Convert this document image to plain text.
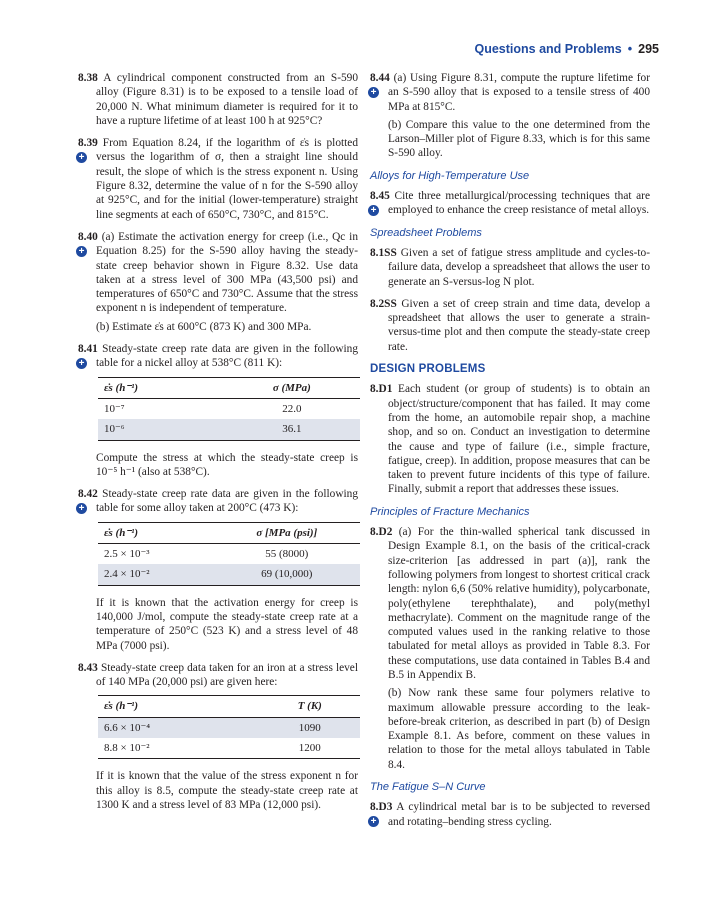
Questions and Problems • 295
8.38 A cylindrical component constructed from an S-590 alloy (Figure 8.31) is to be exposed to a tensile load of 20,000 N. What minimum diameter is required for it to have a rupture lifetime of at least 100 h at 925°C?
+
8.39 From Equation 8.24, if the logarithm of ε̇s is plotted versus the logarithm of σ, then a straight line should result, the slope of which is the stress exponent n. Using Figure 8.32, determine the value of n for the S-590 alloy at 925°C, and for the initial (lower-temperature) straight line segments at each of 650°C, 730°C, and 815°C.
+
8.40 (a) Estimate the activation energy for creep (i.e., Qc in Equation 8.25) for the S-590 alloy having the steady-state creep behavior shown in Figure 8.32. Use data taken at a stress level of 300 MPa (43,500 psi) and temperatures of 650°C and 730°C. Assume that the stress exponent n is independent of temperature.
(b) Estimate ε̇s at 600°C (873 K) and 300 MPa.
+
8.41 Steady-state creep rate data are given in the following table for a nickel alloy at 538°C (811 K):
ε̇s (h⁻¹)	σ (MPa)
10⁻⁷	22.0
10⁻⁶	36.1
Compute the stress at which the steady-state creep is 10⁻⁵ h⁻¹ (also at 538°C).
+
8.42 Steady-state creep rate data are given in the following table for some alloy taken at 200°C (473 K):
ε̇s (h⁻¹)	σ [MPa (psi)]
2.5 × 10⁻³	55 (8000)
2.4 × 10⁻²	69 (10,000)
If it is known that the activation energy for creep is 140,000 J/mol, compute the steady-state creep rate at a temperature of 250°C (523 K) and a stress level of 48 MPa (7000 psi).
8.43 Steady-state creep data taken for an iron at a stress level of 140 MPa (20,000 psi) are given here:
ε̇s (h⁻¹)	T (K)
6.6 × 10⁻⁴	1090
8.8 × 10⁻²	1200
If it is known that the value of the stress exponent n for this alloy is 8.5, compute the steady-state creep rate at 1300 K and a stress level of 83 MPa (12,000 psi).
+
8.44 (a) Using Figure 8.31, compute the rupture lifetime for an S-590 alloy that is exposed to a tensile stress of 400 MPa at 815°C.
(b) Compare this value to the one determined from the Larson–Miller plot of Figure 8.33, which is for this same S-590 alloy.
Alloys for High-Temperature Use
+
8.45 Cite three metallurgical/processing techniques that are employed to enhance the creep resistance of metal alloys.
Spreadsheet Problems
8.1SS Given a set of fatigue stress amplitude and cycles-to-failure data, develop a spreadsheet that allows the user to generate an S-versus-log N plot.
8.2SS Given a set of creep strain and time data, develop a spreadsheet that allows the user to generate a strain-versus-time plot and then compute the steady-state creep rate.
DESIGN PROBLEMS
8.D1 Each student (or group of students) is to obtain an object/structure/component that has failed. It may come from the home, an automobile repair shop, a machine shop, and so on. Conduct an investigation to determine the cause and type of failure (i.e., simple fracture, fatigue, creep). In addition, propose measures that can be taken to prevent future incidents of this type of failure. Finally, submit a report that addresses these issues.
Principles of Fracture Mechanics
8.D2 (a) For the thin-walled spherical tank discussed in Design Example 8.1, on the basis of the critical-crack size-criterion [as addressed in part (a)], rank the following polymers from longest to shortest critical crack length: nylon 6,6 (50% relative humidity), polycarbonate, poly(ethylene terephthalate), and poly(methyl methacrylate). Comment on the magnitude range of the computed values used in the ranking relative to those tabulated for metal alloys as provided in Table 8.3. For these computations, use data contained in Tables B.4 and B.5 in Appendix B.
(b) Now rank these same four polymers relative to maximum allowable pressure according to the leak-before-break criterion, as described in part (b) of Design Example 8.1. As before, comment on these values in relation to those for the metal alloys tabulated in Table 8.4.
The Fatigue S–N Curve
+
8.D3 A cylindrical metal bar is to be subjected to reversed and rotating–bending stress cycling.
